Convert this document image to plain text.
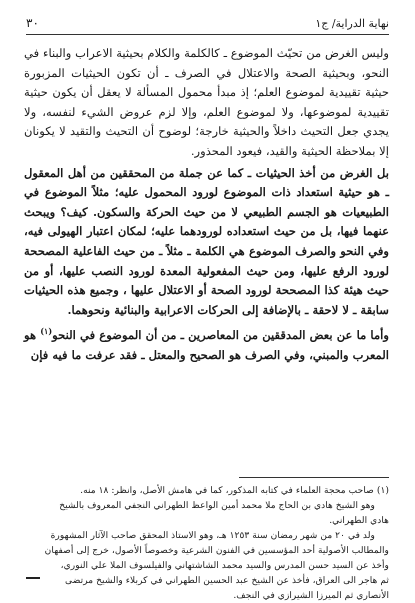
نهاية الدراية/ ج١
٣٠

وليس الغرض من تحيّث الموضوع ـ كالكلمة والكلام بحيثية الاعراب والبناء في النحو، وبحيثية الصحة والاعتلال في الصرف ـ أن تكون الحيثيات المزبورة حيثية تقييدية لموضوع العلم؛ إذ مبدأ محمول المسألة لا يعقل أن يكون حيثية تقييدية لموضوعها، ولا لموضوع العلم، وإلا لزم عروض الشيء لنفسه، ولا يجدي جعل التحيث داخلاً والحيثية خارجة؛ لوضوح أن التحيث والتقيد لا يكونان إلا بملاحظة الحيثية والقيد، فيعود المحذور.

بل الغرض من أخذ الحيثيات ـ كما عن جملة من المحققين من أهل المعقول ـ هو حيثية استعداد ذات الموضوع لورود المحمول عليه؛ مثلاً الموضوع في الطبيعيات هو الجسم الطبيعي لا من حيث الحركة والسكون. كيف؟ ويبحث عنهما فيها، بل من حيث استعداده لورودهما عليه؛ لمكان اعتبار الهيولى فيه، وفي النحو والصرف الموضوع هي الكلمة ـ مثلاً ـ من حيث الفاعلية المصححة لورود الرفع عليها، ومن حيث المفعولية المعدة لورود النصب عليها، أو من حيث هيئة كذا المصححة لورود الصحة أو الاعتلال عليها ، وجميع هذه الحيثيات سابقة ـ لا لاحقة ـ بالإضافة إلى الحركات الاعرابية والبنائية ونحوهما.

وأما ما عن بعض المدققين من المعاصرين ـ من أن الموضوع في النحو$^{(١)}$ هو المعرب والمبني، وفي الصرف هو الصحيح والمعتل ـ فقد عرفت ما فيه فإن

(١) صاحب محجة العلماء في كتابه المذكور، كما في هامش الأصل، وانظر: ١٨ منه.

وهو الشيخ هادي بن الحاج ملا محمد أمين الواعظ الطهراني النجفي المعروف بالشيخ

هادي الطهراني.

ولد في ٢٠ من شهر رمضان سنة ١٢٥٣ هـ، وهو الاستاذ المحقق صاحب الآثار المشهورة

والمطالب الأصولية أحد المؤسسين في الفنون الشرعية وخصوصاً الأصول، خرج إلى أصفهان

وأخذ عن السيد حسن المدرس والسيد محمد الشاشتهاني والفيلسوف الملا علي النوري،

ثم هاجر الى العراق، فأخذ عن الشيخ عبد الحسين الطهراني في كربلاء والشيخ مرتضى

الأنصاري ثم الميرزا الشيرازي في النجف.
